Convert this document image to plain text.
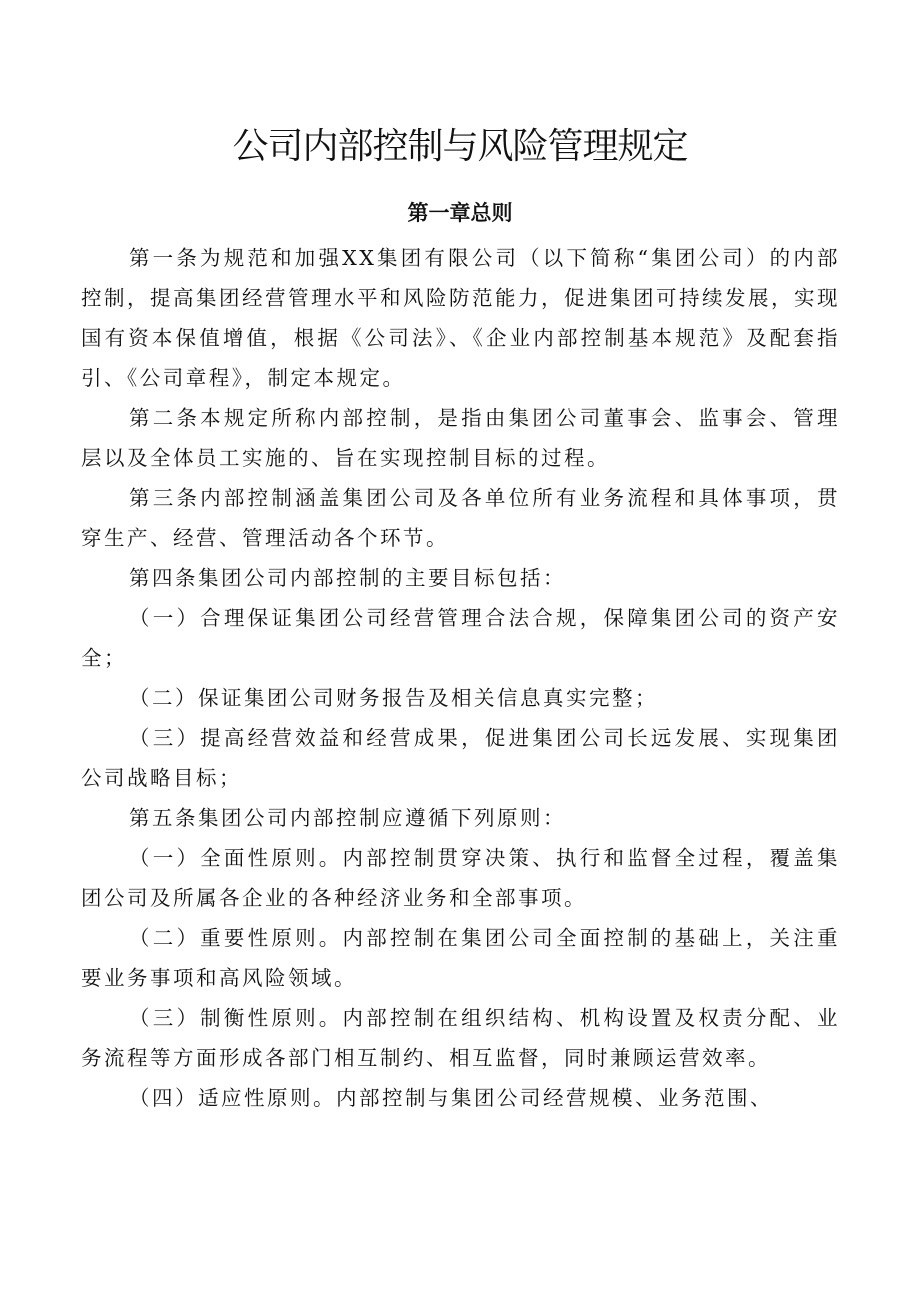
公司内部控制与风险管理规定
第一章总则

第一条为规范和加强XX集团有限公司（以下简称“集团公司）的内部控制，提高集团经营管理水平和风险防范能力，促进集团可持续发展，实现国有资本保值增值，根据《公司法》、《企业内部控制基本规范》及配套指引、《公司章程》，制定本规定。

第二条本规定所称内部控制，是指由集团公司董事会、监事会、管理层以及全体员工实施的、旨在实现控制目标的过程。

第三条内部控制涵盖集团公司及各单位所有业务流程和具体事项，贯穿生产、经营、管理活动各个环节。

第四条集团公司内部控制的主要目标包括：

（一）合理保证集团公司经营管理合法合规，保障集团公司的资产安全；

（二）保证集团公司财务报告及相关信息真实完整；

（三）提高经营效益和经营成果，促进集团公司长远发展、实现集团公司战略目标；

第五条集团公司内部控制应遵循下列原则：

（一）全面性原则。内部控制贯穿决策、执行和监督全过程，覆盖集团公司及所属各企业的各种经济业务和全部事项。

（二）重要性原则。内部控制在集团公司全面控制的基础上，关注重要业务事项和高风险领域。

（三）制衡性原则。内部控制在组织结构、机构设置及权责分配、业务流程等方面形成各部门相互制约、相互监督，同时兼顾运营效率。

（四）适应性原则。内部控制与集团公司经营规模、业务范围、
